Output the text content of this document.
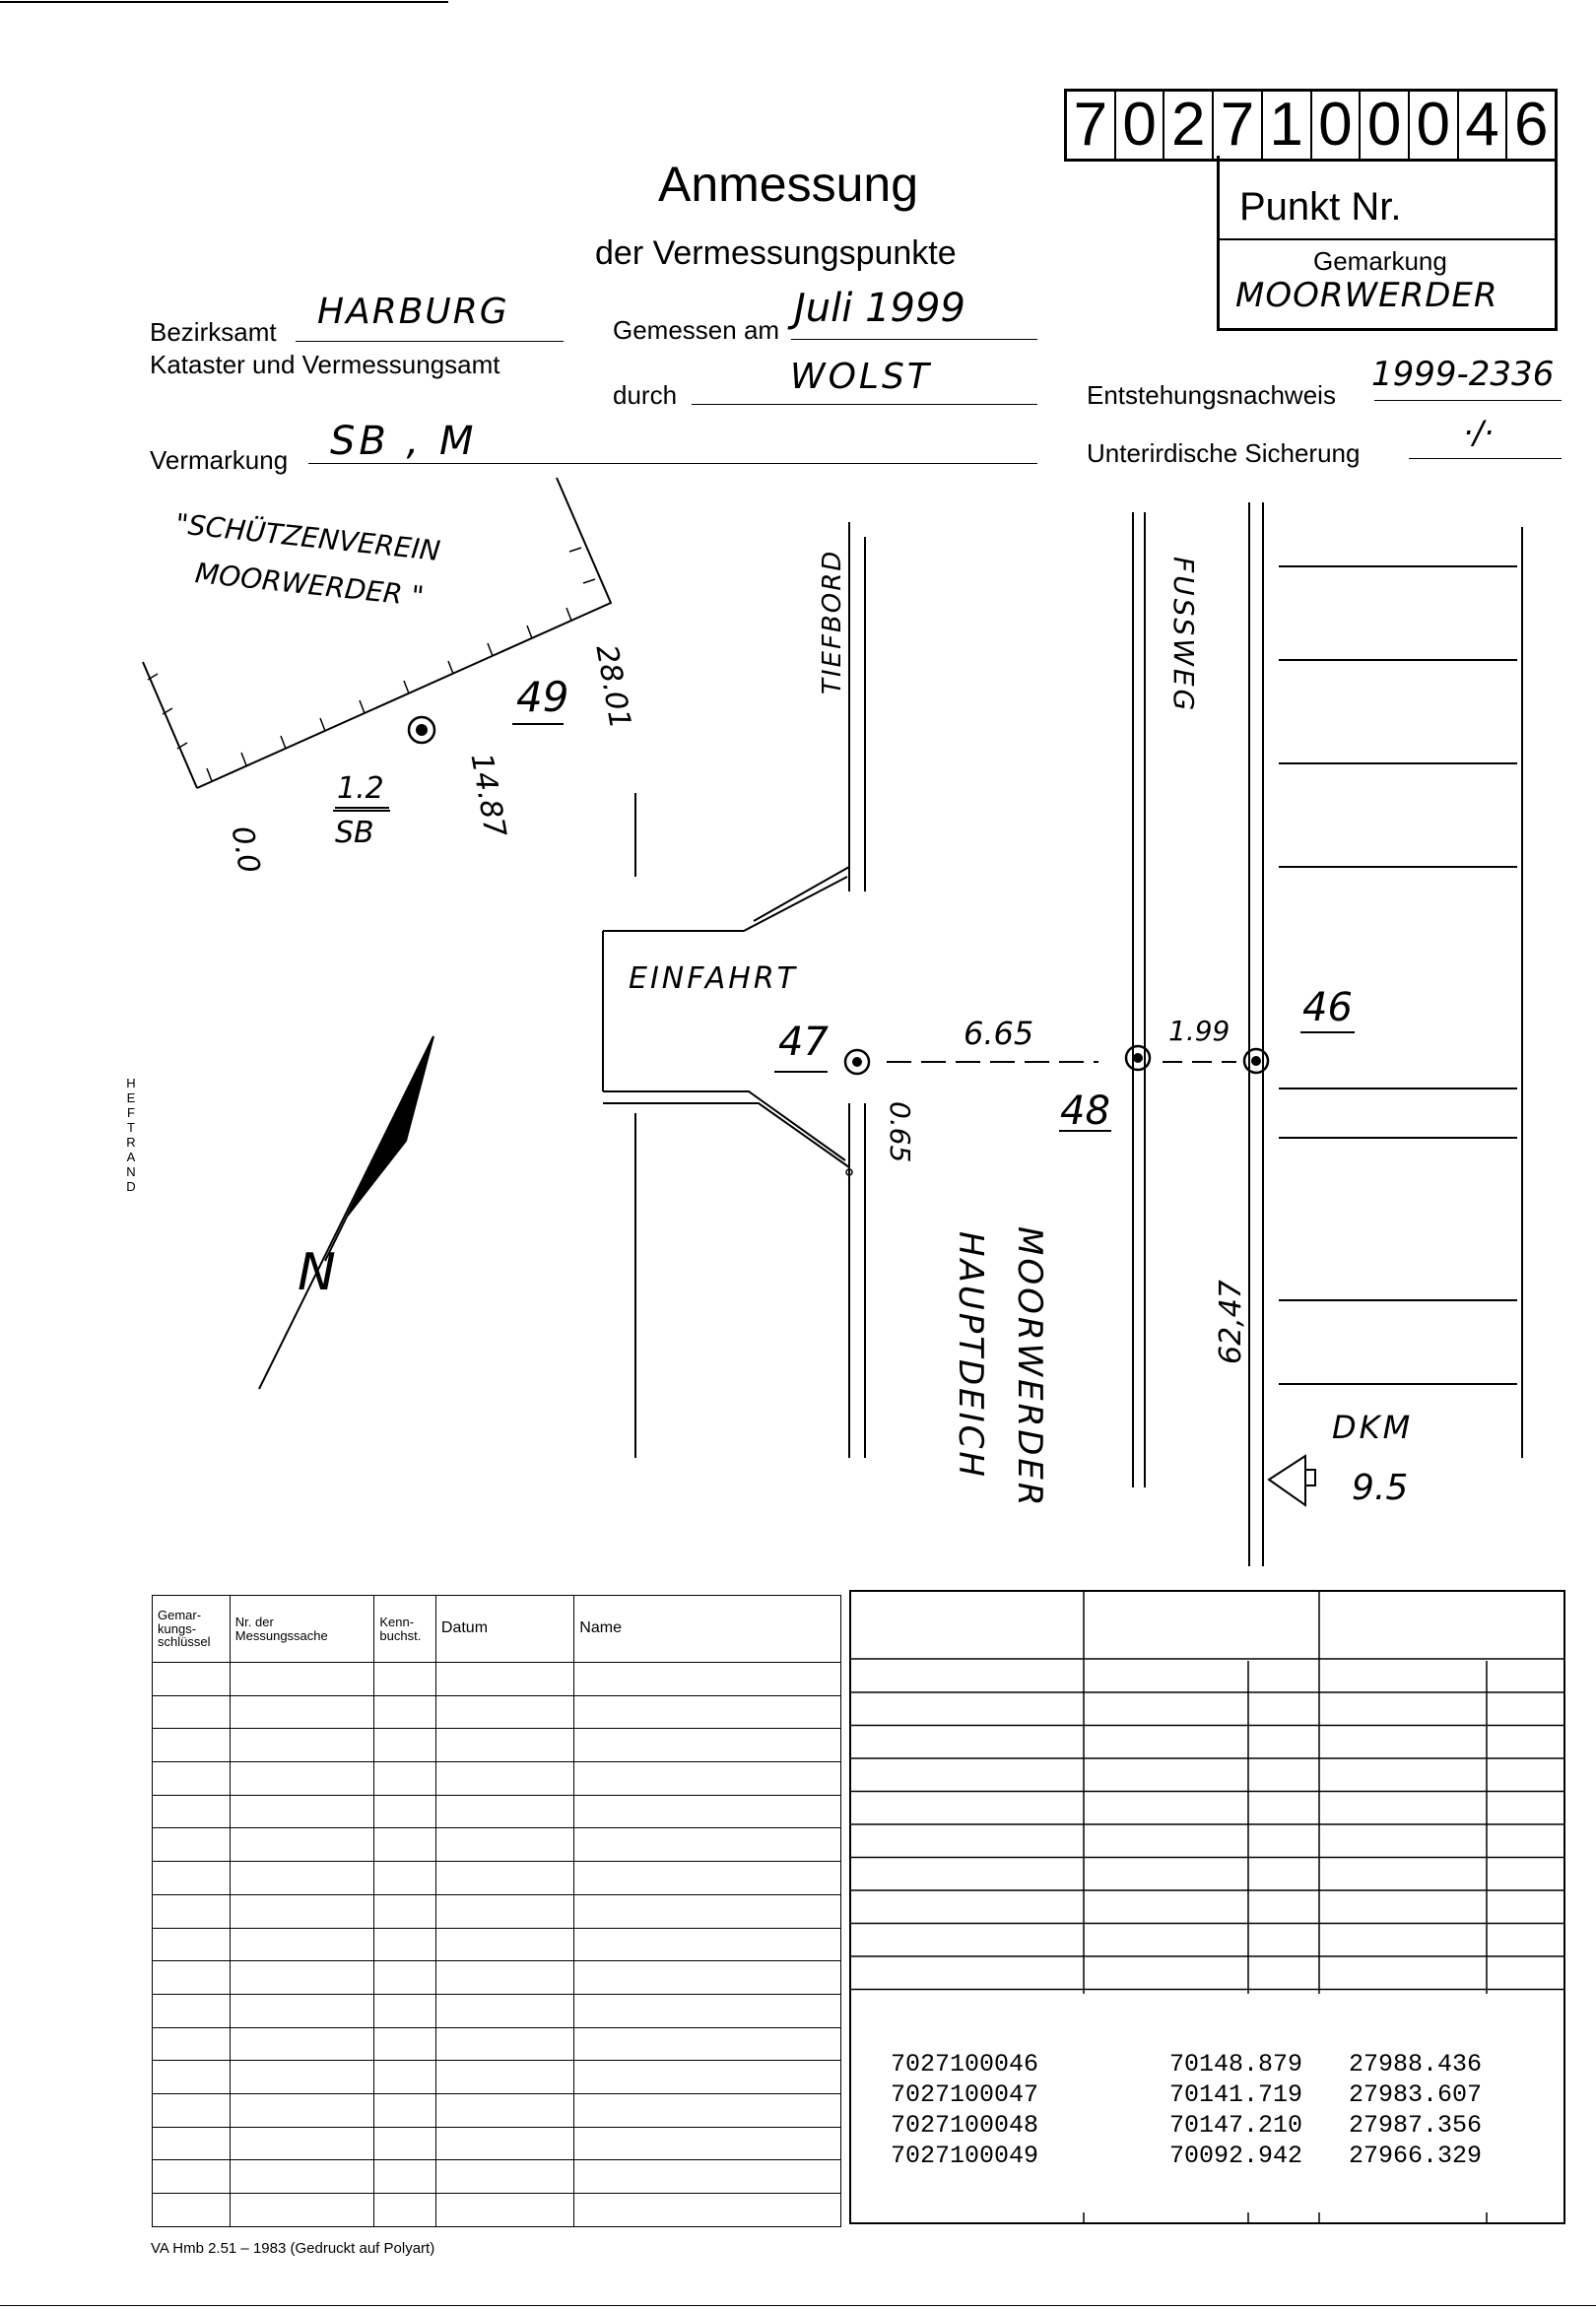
Anmessung
der Vermessungspunkte
7 0 2 7 1 0 0 0 4 6
Punkt Nr.
Gemarkung
MOORWERDER
Bezirksamt HARBURG
Kataster und Vermessungsamt
Gemessen am Juli 1999
durch	WOLST	Entstehungsnachweis
1999-2336
Vermarkung SB , M	Unterirdische Sicherung
·/·
"SCHÜTZENVEREIN
MOORWERDER "
49 28.01
14.87
1.2
SB
0.0
TIEFBORD	FUSSWEG
EINFAHRT
47	6.65	1.99
46
48
0.65
MOORWERDER
HAUPTDEICH	62,47
DKM
9.5
N
H
E
F
T
R
A
N
D
Gemar-
kungs-
schlüssel	Nr. der
Messungssache	Kenn-
buchst.	Datum	Name

7027100046	70148.879 27988.436
7027100047	70141.719 27983.607
7027100048	70147.210 27987.356
7027100049	70092.942 27966.329
VA Hmb 2.51 – 1983 (Gedruckt auf Polyart)
